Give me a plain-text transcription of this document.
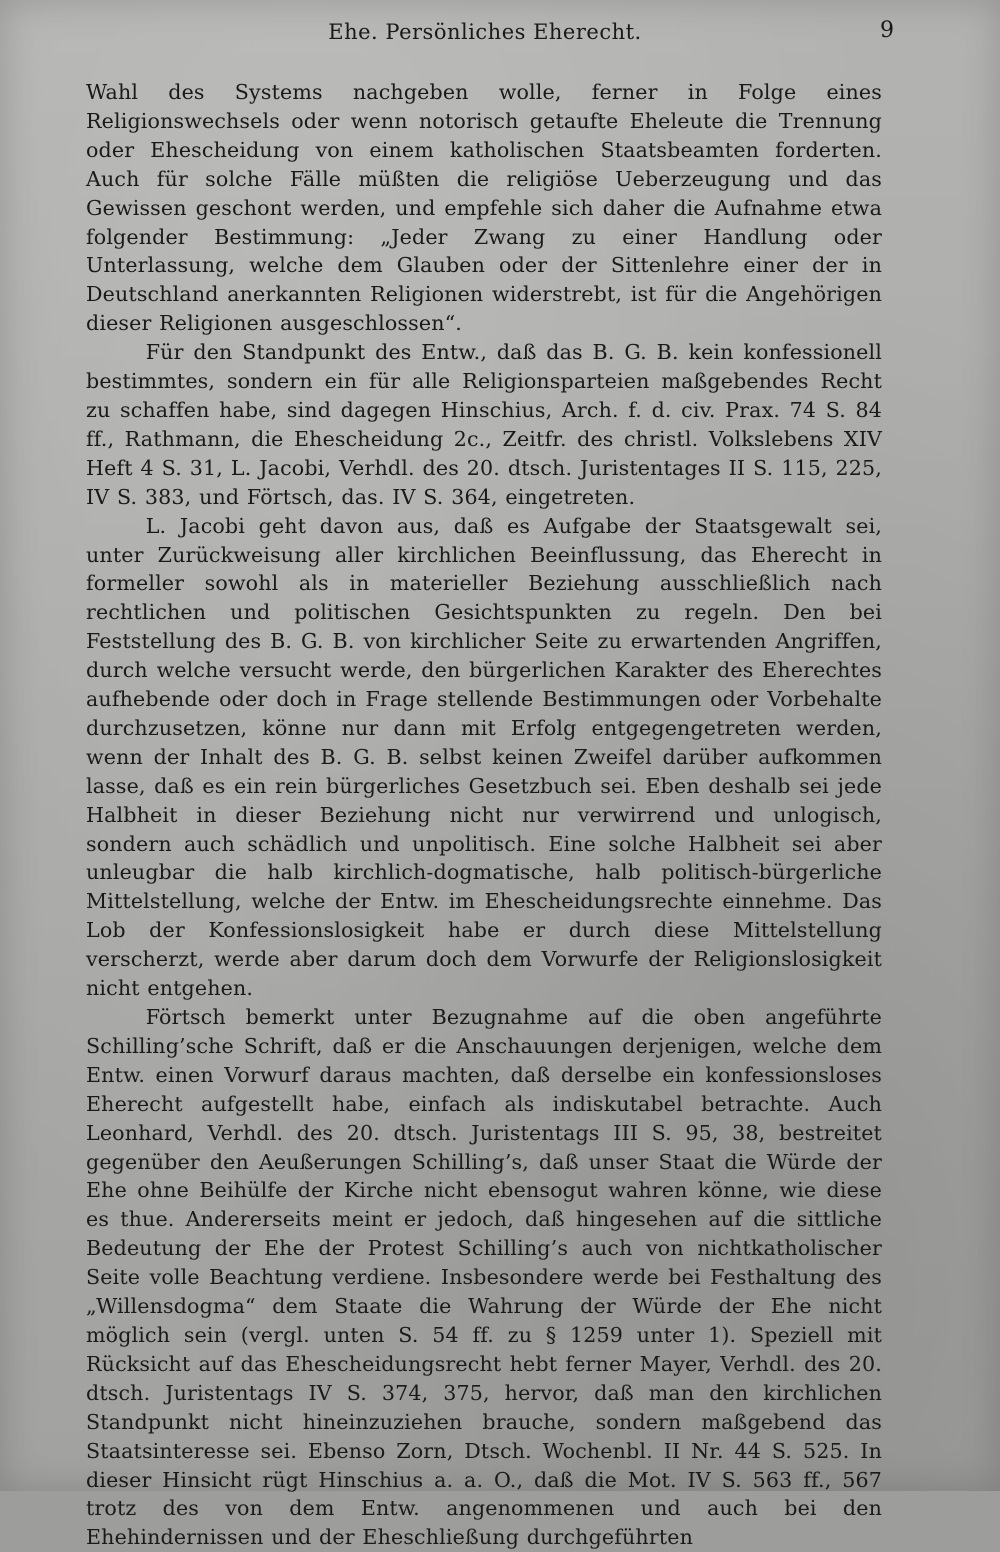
Ehe. Persönliches Eherecht.	9

Wahl des Systems nachgeben wolle, ferner in Folge eines Religionswechsels oder wenn notorisch getaufte Eheleute die Trennung oder Ehescheidung von einem katholischen Staatsbeamten forderten. Auch für solche Fälle müßten die religiöse Ueberzeugung und das Gewissen geschont werden, und empfehle sich daher die Aufnahme etwa folgender Bestimmung: „Jeder Zwang zu einer Handlung oder Unterlassung, welche dem Glauben oder der Sittenlehre einer der in Deutschland anerkannten Religionen widerstrebt, ist für die Angehörigen dieser Religionen ausgeschlossen“.

Für den Standpunkt des Entw., daß das B. G. B. kein konfessionell bestimmtes, sondern ein für alle Religionsparteien maßgebendes Recht zu schaffen habe, sind dagegen Hinschius, Arch. f. d. civ. Prax. 74 S. 84 ff., Rathmann, die Ehescheidung 2c., Zeitfr. des christl. Volkslebens XIV Heft 4 S. 31, L. Jacobi, Verhdl. des 20. dtsch. Juristentages II S. 115, 225, IV S. 383, und Förtsch, das. IV S. 364, eingetreten.

L. Jacobi geht davon aus, daß es Aufgabe der Staatsgewalt sei, unter Zurückweisung aller kirchlichen Beeinflussung, das Eherecht in formeller sowohl als in materieller Beziehung ausschließlich nach rechtlichen und politischen Gesichtspunkten zu regeln. Den bei Feststellung des B. G. B. von kirchlicher Seite zu erwartenden Angriffen, durch welche versucht werde, den bürgerlichen Karakter des Eherechtes aufhebende oder doch in Frage stellende Bestimmungen oder Vorbehalte durchzusetzen, könne nur dann mit Erfolg entgegengetreten werden, wenn der Inhalt des B. G. B. selbst keinen Zweifel darüber aufkommen lasse, daß es ein rein bürgerliches Gesetzbuch sei. Eben deshalb sei jede Halbheit in dieser Beziehung nicht nur verwirrend und unlogisch, sondern auch schädlich und unpolitisch. Eine solche Halbheit sei aber unleugbar die halb kirchlich-dogmatische, halb politisch-bürgerliche Mittelstellung, welche der Entw. im Ehescheidungsrechte einnehme. Das Lob der Konfessionslosigkeit habe er durch diese Mittelstellung verscherzt, werde aber darum doch dem Vorwurfe der Religionslosigkeit nicht entgehen.

Förtsch bemerkt unter Bezugnahme auf die oben angeführte Schilling’sche Schrift, daß er die Anschauungen derjenigen, welche dem Entw. einen Vorwurf daraus machten, daß derselbe ein konfessionsloses Eherecht aufgestellt habe, einfach als indiskutabel betrachte. Auch Leonhard, Verhdl. des 20. dtsch. Juristentags III S. 95, 38, bestreitet gegenüber den Aeußerungen Schilling’s, daß unser Staat die Würde der Ehe ohne Beihülfe der Kirche nicht ebensogut wahren könne, wie diese es thue. Andererseits meint er jedoch, daß hingesehen auf die sittliche Bedeutung der Ehe der Protest Schilling’s auch von nichtkatholischer Seite volle Beachtung verdiene. Insbesondere werde bei Festhaltung des „Willensdogma“ dem Staate die Wahrung der Würde der Ehe nicht möglich sein (vergl. unten S. 54 ff. zu § 1259 unter 1). Speziell mit Rücksicht auf das Ehescheidungsrecht hebt ferner Mayer, Verhdl. des 20. dtsch. Juristentags IV S. 374, 375, hervor, daß man den kirchlichen Standpunkt nicht hineinzuziehen brauche, sondern maßgebend das Staatsinteresse sei. Ebenso Zorn, Dtsch. Wochenbl. II Nr. 44 S. 525. In dieser Hinsicht rügt Hinschius a. a. O., daß die Mot. IV S. 563 ff., 567 trotz des von dem Entw. angenommenen und auch bei den Ehehindernissen und der Eheschließung durchgeführten
